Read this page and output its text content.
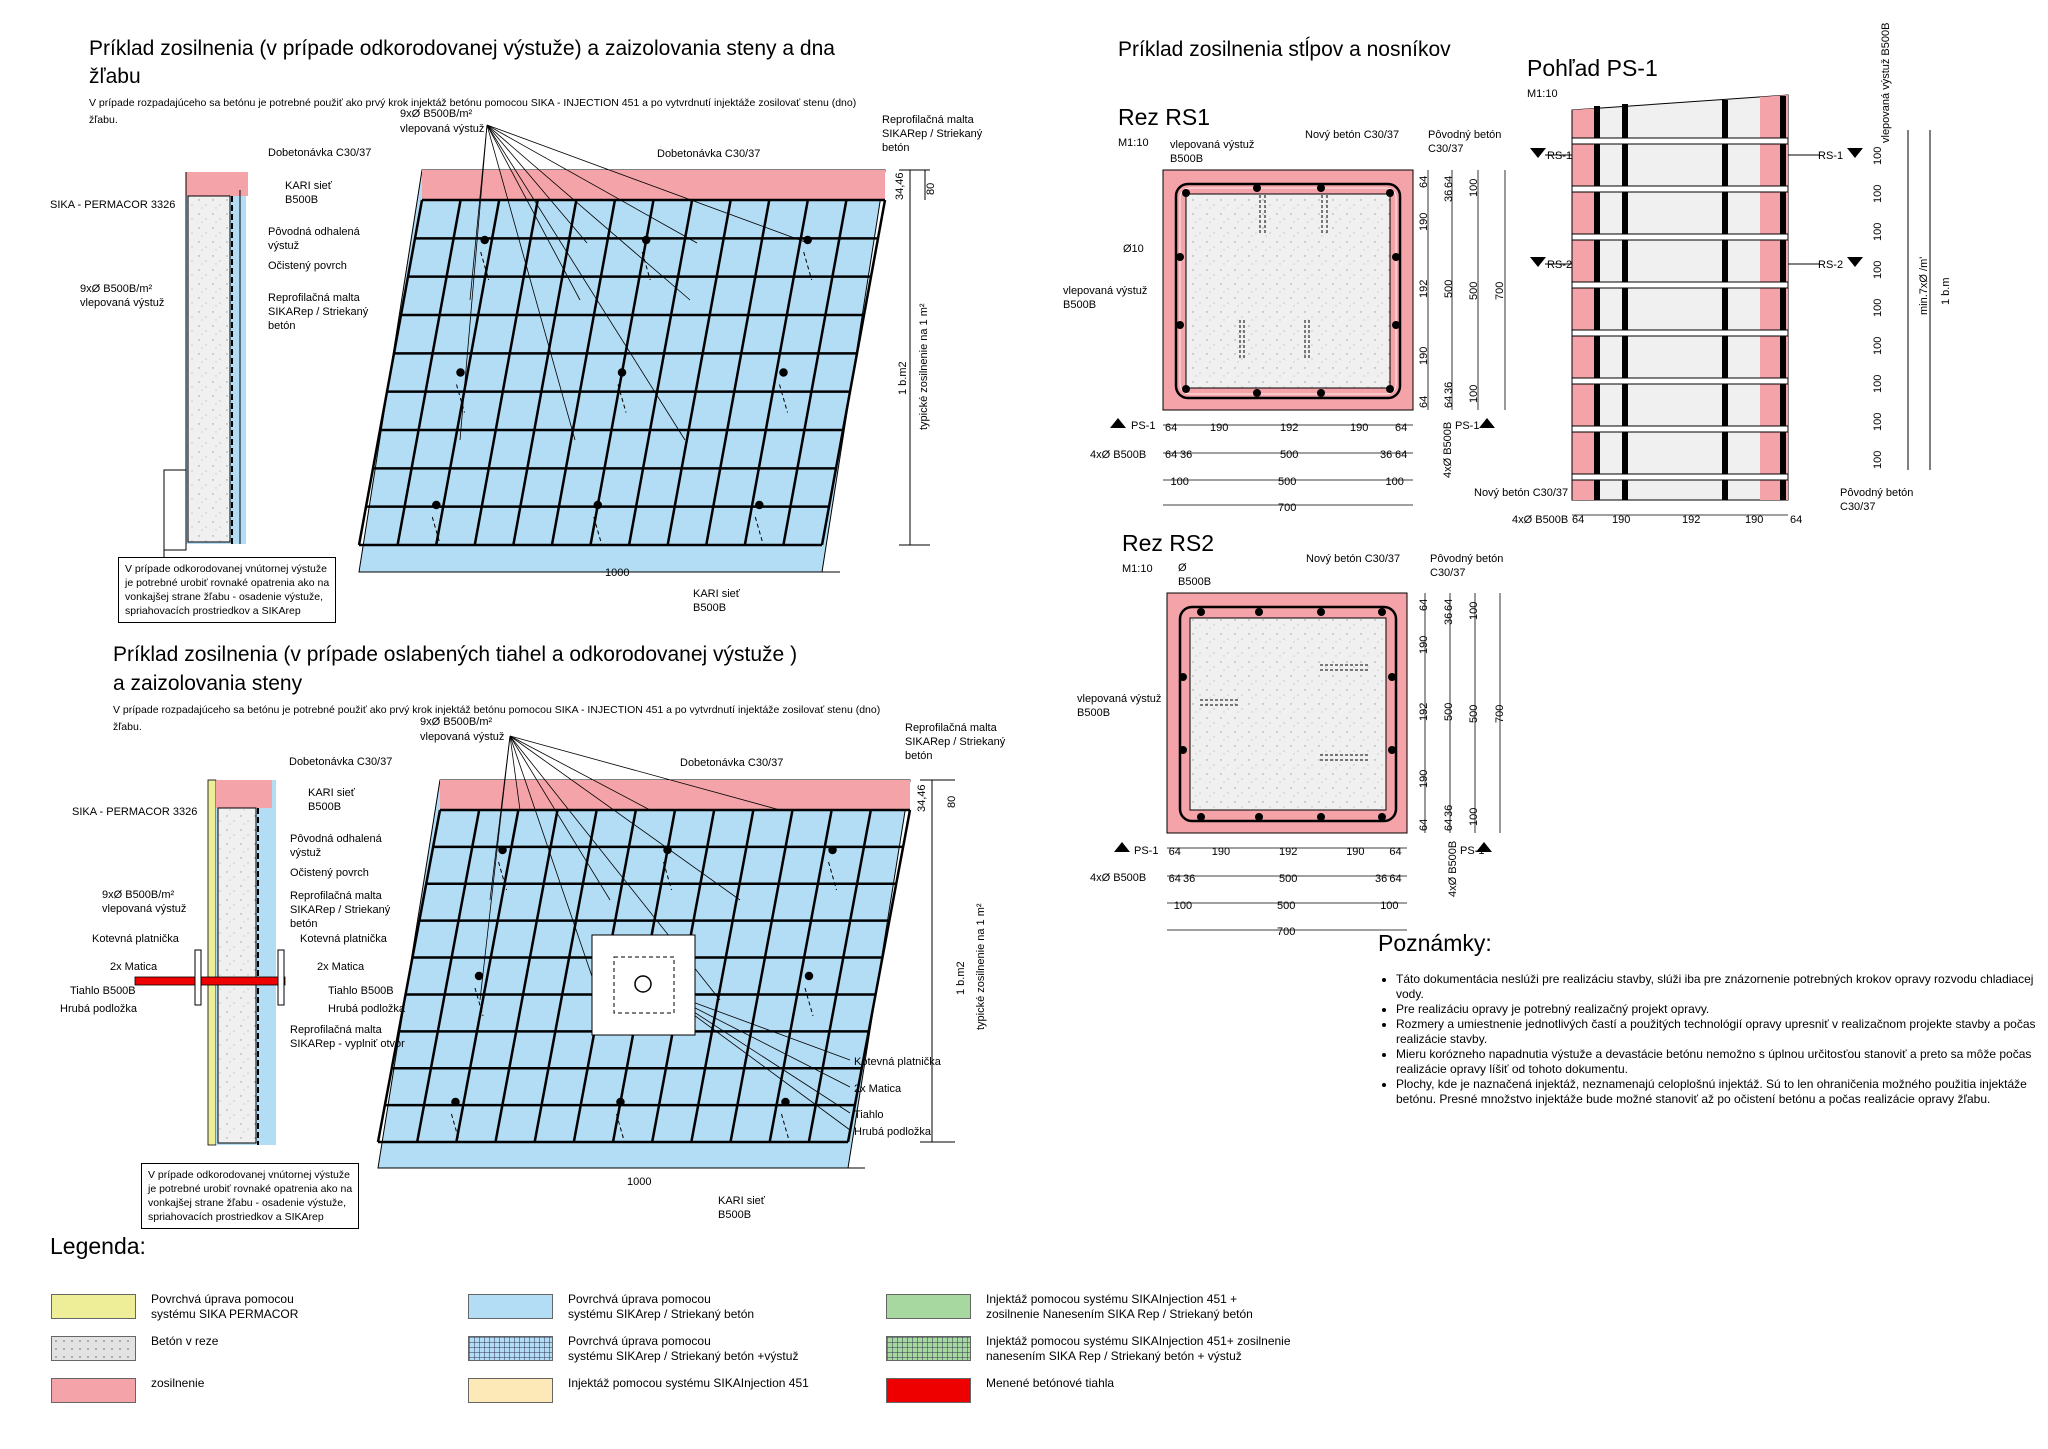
Príklad zosilnenia (v prípade odkorodovanej výstuže) a zaizolovania steny a dna
žľabu
V prípade rozpadajúceho sa betónu je potrebné použiť ako prvý krok injektáž betónu pomocou SIKA - INJECTION 451 a po vytvrdnutí injektáže zosilovať stenu (dno)
žľabu.
Dobetonávka C30/37
KARI sieť
B500B
SIKA - PERMACOR 3326
Pôvodná odhalená
výstuž
Očistený povrch
9xØ B500B/m²
vlepovaná výstuž	Reprofilačná malta
SIKARep / Striekaný
betón
9xØ B500B/m²
vlepovaná výstuž
Dobetonávka C30/37
Reprofilačná malta
SIKARep / Striekaný
betón
1000
KARI sieť
B500B
34,46 80
1 b.m2 typické zosilnenie na 1 m²
V prípade odkorodovanej vnútornej výstuže
je potrebné urobiť rovnaké opatrenia ako na
vonkajšej strane žľabu - osadenie výstuže,
spriahovacích prostriedkov a SIKArep
Príklad zosilnenia (v prípade oslabených tiahel a odkorodovanej výstuže )
a zaizolovania steny
V prípade rozpadajúceho sa betónu je potrebné použiť ako prvý krok injektáž betónu pomocou SIKA - INJECTION 451 a po vytvrdnutí injektáže zosilovať stenu (dno)
žľabu.
Dobetonávka C30/37
KARI sieť
B500B
SIKA - PERMACOR 3326
Pôvodná odhalená
výstuž
Očistený povrch
9xØ B500B/m²
vlepovaná výstuž
Reprofilačná malta
SIKARep / Striekaný
betón
Kotevná platnička	Kotevná platnička
2x Matica	2x Matica
Tiahlo B500B	Tiahlo B500B
Hrubá podložka	Hrubá podložka
Reprofilačná malta
SIKARep - vyplniť otvor
9xØ B500B/m²
vlepovaná výstuž
Dobetonávka C30/37
Reprofilačná malta
SIKARep / Striekaný
betón
Kotevná platnička
2x Matica
Tiahlo
Hrubá podložka
1000
KARI sieť
B500B
34,46 80
1 b.m2 typické zosilnenie na 1 m²
V prípade odkorodovanej vnútornej výstuže
je potrebné urobiť rovnaké opatrenia ako na
vonkajšej strane žľabu - osadenie výstuže,
spriahovacích prostriedkov a SIKArep
Príklad zosilnenia stĺpov a nosníkov
Rez RS1
M1:10 vlepovaná výstuž
B500B
Nový betón C30/37	Pôvodný betón
C30/37
Ø10
vlepovaná výstuž
B500B
PS-1	PS-1
4xØ B500B	4xØ B500B
64	190	192	190 64
64 36	500	36 64
100	500	100
700
64
190
192
190
64
64
36
500
36
64
100
500
100
700
Rez RS2
M1:10 Ø
B500B
Nový betón C30/37	Pôvodný betón
C30/37
vlepovaná výstuž
B500B
PS-1	PS-1
4xØ B500B	4xØ B500B
64	190	192	190 64
64 36	500	36 64
100	500	100
700
64
190
192
190
64
64
36
500
36
64
100
500
100
700
Pohľad PS-1
M1:10
RS-1
RS-2
RS-1
RS-2
vlepovaná výstuž B500B
min.7xØ /m' 1 b.m
Nový betón C30/37	Pôvodný betón
C30/37
4xØ B500B
100
100
100
100
100
100
100
100
100
64	190	192	190 64
Poznámky:
• Táto dokumentácia neslúži pre realizáciu stavby, slúži iba pre znázornenie potrebných krokov opravy rozvodu chladiacej vody.
• Pre realizáciu opravy je potrebný realizačný projekt opravy.
• Rozmery a umiestnenie jednotlivých častí a použitých technológií opravy upresniť v realizačnom projekte stavby a počas realizácie stavby.
• Mieru korózneho napadnutia výstuže a devastácie betónu nemožno s úplnou určitosťou stanoviť a preto sa môže počas realizácie opravy líšiť od tohoto dokumentu.
• Plochy, kde je naznačená injektáž, neznamenajú celoplošnú injektáž. Sú to len ohraničenia možného použitia injektáže betónu. Presné množstvo injektáže bude možné stanoviť až po očistení betónu a počas realizácie opravy žľabu.
Legenda:
Povrchvá úprava pomocou
systému SIKA PERMACOR
Betón v reze
zosilnenie
Povrchvá úprava pomocou
systému SIKArep / Striekaný betón
Povrchvá úprava pomocou
systému SIKArep / Striekaný betón +výstuž
Injektáž pomocou systému SIKAInjection 451
Injektáž pomocou systému SIKAInjection 451 +
zosilnenie Nanesením SIKA Rep / Striekaný betón
Injektáž pomocou systému SIKAInjection 451+ zosilnenie
nanesením SIKA Rep / Striekaný betón + výstuž
Menené betónové tiahla
